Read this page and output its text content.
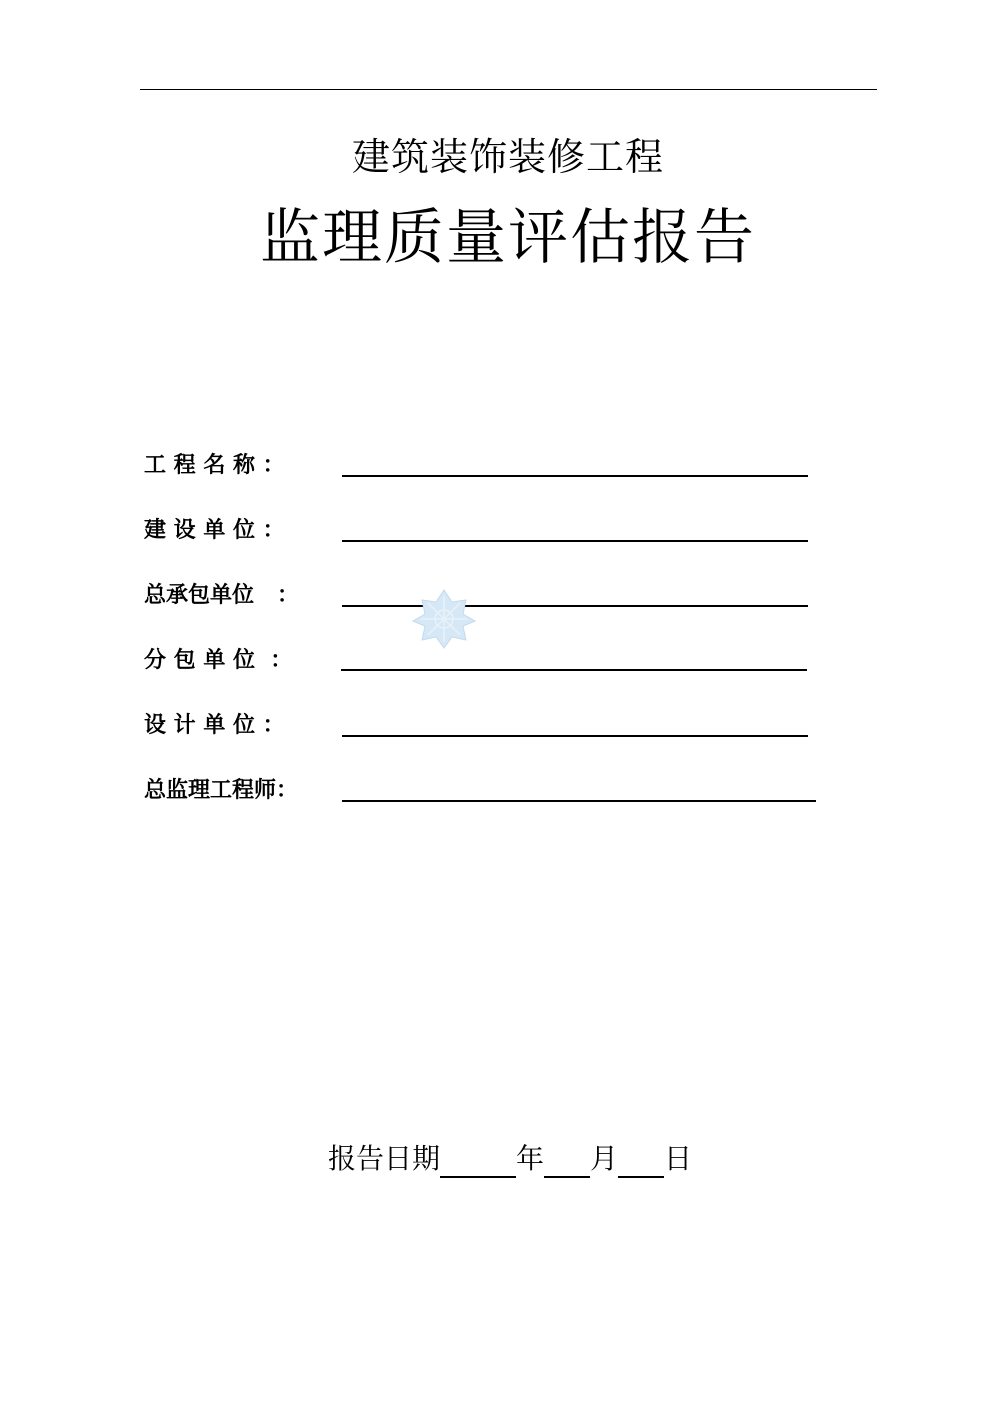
建筑装饰装修工程
监理质量评估报告
工 程 名 称 ：
建 设 单 位 ：
总承包单位   ：
分 包 单 位  ：
设 计 单 位 ：
总监理工程师：
报告日期	年 月 日
